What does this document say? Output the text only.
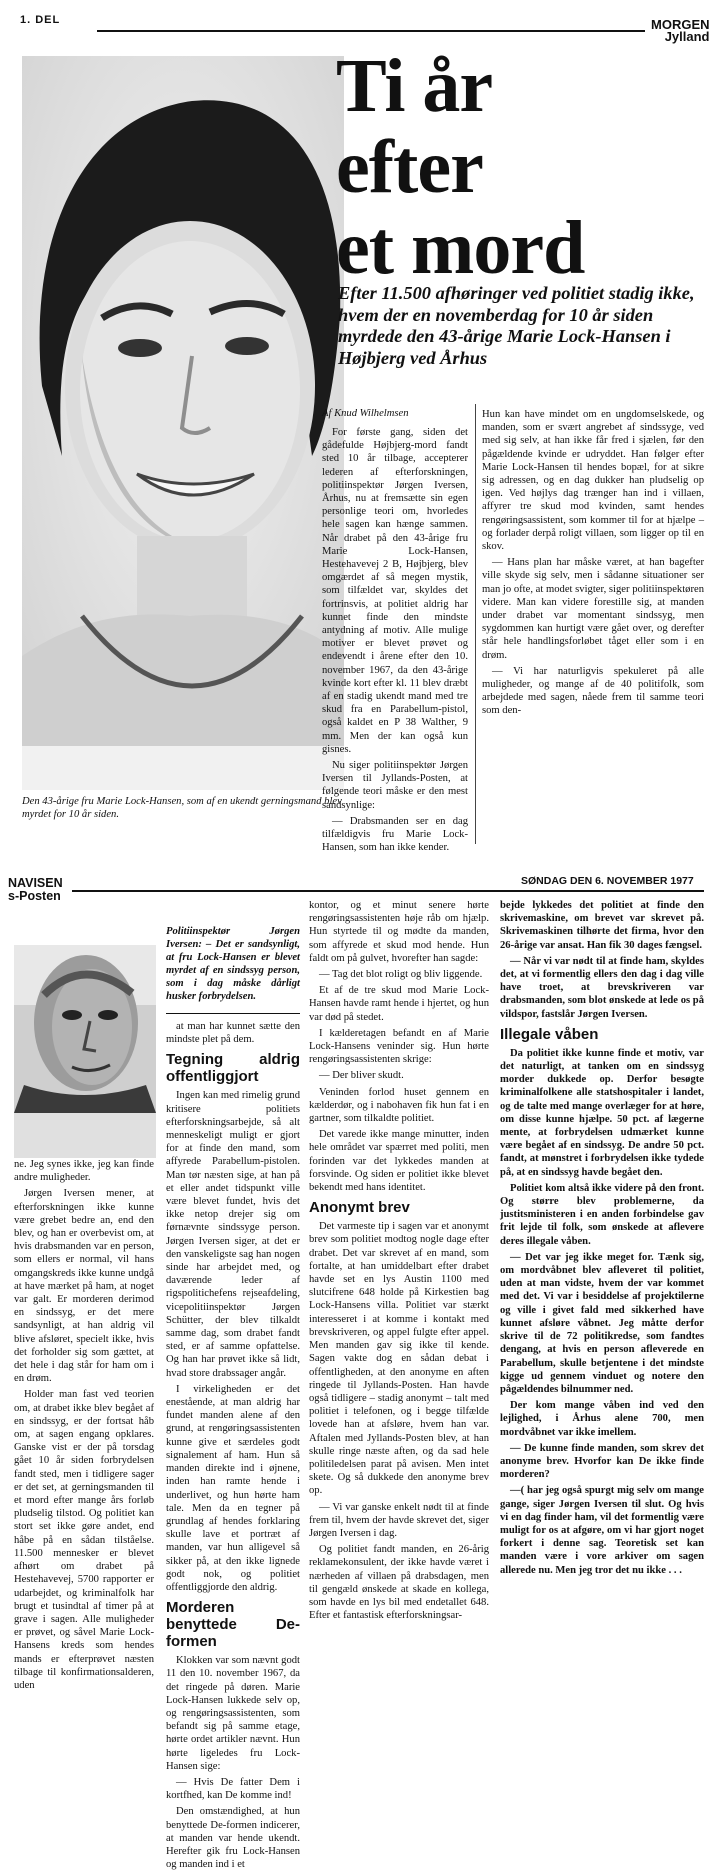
1. DEL	MORGEN
Jylland
Den 43-årige fru Marie Lock-Hansen, som af en ukendt gerningsmand blev myrdet for 10 år siden.
Ti år
efter
et mord
Efter 11.500 afhøringer ved politiet stadig ikke, hvem der en novemberdag for 10 år siden myrdede den 43-årige Marie Lock-Hansen i Højbjerg ved Århus
Af Knud Wilhelmsen

For første gang, siden det gådefulde Højbjerg-mord fandt sted 10 år tilbage, accepterer lederen af efterforskningen, politiinspektør Jørgen Iversen, Århus, nu at fremsætte sin egen personlige teori om, hvorledes hele sagen kan hænge sammen. Når drabet på den 43-årige fru Marie Lock-Hansen, Hestehavevej 2 B, Højbjerg, blev omgærdet af så megen mystik, som tilfældet var, skyldes det fortrinsvis, at politiet aldrig har kunnet finde den mindste antydning af motiv. Alle mulige motiver er blevet prøvet og endevendt i årene efter den 10. november 1967, da den 43-årige kvinde kort efter kl. 11 blev dræbt af en stadig ukendt mand med tre skud fra en Parabellum-pistol, også kaldet en P 38 Walther, 9 mm. Men der kan også kun gisnes.

Nu siger politiinspektør Jørgen Iversen til Jyllands-Posten, at følgende teori måske er den mest sandsynlige:

— Drabsmanden ser en dag tilfældigvis fru Marie Lock-Hansen, som han ikke kender.

Hun kan have mindet om en ungdomselskede, og manden, som er svært angrebet af sindssyge, ved med sig selv, at han ikke får fred i sjælen, før den pågældende kvinde er udryddet. Han følger efter Marie Lock-Hansen til hendes bopæl, for at sikre sig adressen, og en dag dukker han pludselig op igen. Ved højlys dag trænger han ind i villaen, affyrer tre skud mod kvinden, samt hendes rengøringsassistent, som kommer til for at hjælpe – og forlader derpå roligt villaen, som ligger op til en skov.

— Hans plan har måske været, at han bagefter ville skyde sig selv, men i sådanne situationer ser man jo ofte, at modet svigter, siger politiinspektøren videre. Man kan videre forestille sig, at manden under drabet var momentant sindssyg, men sygdommen kan hurtigt være gået over, og derefter står hele handlingsforløbet tåget eller som i en drøm.

— Vi har naturligvis spekuleret på alle muligheder, og mange af de 40 politifolk, som arbejdede med sagen, nåede frem til samme teori som den-

NAVISEN
s-Posten
SØNDAG DEN 6. NOVEMBER 1977

ne. Jeg synes ikke, jeg kan finde andre muligheder.

Jørgen Iversen mener, at efterforskningen ikke kunne være grebet bedre an, end den blev, og han er overbevist om, at hvis drabsmanden var en person, som ellers er normal, vil hans omgangskreds ikke kunne undgå at have mærket på ham, at noget var galt. Er morderen derimod en sindssyg, er det mere sandsynligt, at han aldrig vil blive afsløret, specielt ikke, hvis det forholder sig som gættet, at det hele i dag står for ham om i en drøm.

Holder man fast ved teorien om, at drabet ikke blev begået af en sindssyg, er der fortsat håb om, at sagen engang opklares. Ganske vist er der på torsdag gået 10 år siden forbrydelsen fandt sted, men i tidligere sager er det set, at gerningsmanden til et mord efter mange års forløb pludselig tilstod. Og politiet kan stort set ikke gøre andet, end håbe på en sådan tilståelse. 11.500 mennesker er blevet afhørt om drabet på Hestehavevej, 5700 rapporter er udarbejdet, og kriminalfolk har brugt et tusindtal af timer på at grave i sagen. Alle muligheder er prøvet, og såvel Marie Lock-Hansens kreds som hendes mands er efterprøvet næsten tilbage til konfirmationsalderen, uden

Politiinspektør Jørgen Iversen: – Det er sandsynligt, at fru Lock-Hansen er blevet myrdet af en sindssyg person, som i dag måske dårligt husker forbrydelsen.

at man har kunnet sætte den mindste plet på dem.

Tegning aldrig offentliggjort

Ingen kan med rimelig grund kritisere politiets efterforskningsarbejde, så alt menneskeligt muligt er gjort for at finde den mand, som affyrede Parabellum-pistolen. Man tør næsten sige, at han på et eller andet tidspunkt ville være blevet fundet, hvis det ikke netop drejer sig om førnævnte sindssyge person. Jørgen Iversen siger, at det er den vanskeligste sag han nogen sinde har arbejdet med, og daværende leder af rigspolitichefens rejseafdeling, vicepolitiinspektør Jørgen Schütter, der blev tilkaldt samme dag, som drabet fandt sted, er af samme opfattelse. Og han har prøvet ikke så lidt, hvad store drabssager angår.

I virkeligheden er det enestående, at man aldrig har fundet manden alene af den grund, at rengøringsassistenten kunne give et særdeles godt signalement af ham. Hun så manden direkte ind i øjnene, inden han ramte hende i underlivet, og hun hørte ham tale. Men da en tegner på grundlag af hendes forklaring skulle lave et portræt af manden, var hun alligevel så sikker på, at den ikke lignede godt nok, og politiet offentliggjorde den aldrig.

Morderen benyttede De-formen

Klokken var som nævnt godt 11 den 10. november 1967, da det ringede på døren. Marie Lock-Hansen lukkede selv op, og rengøringsassistenten, som befandt sig på samme etage, hørte ordet artikler nævnt. Hun hørte ligeledes fru Lock-Hansen sige:

— Hvis De fatter Dem i kortfhed, kan De komme ind!

Den omstændighed, at hun benyttede De-formen indicerer, at manden var hende ukendt. Herefter gik fru Lock-Hansen og manden ind i et

kontor, og et minut senere hørte rengøringsassistenten høje råb om hjælp. Hun styrtede til og mødte da manden, som affyrede et skud mod hende. Hun faldt om på gulvet, hvorefter han sagde:

— Tag det blot roligt og bliv liggende.

Et af de tre skud mod Marie Lock-Hansen havde ramt hende i hjertet, og hun var død på stedet.

I kælderetagen befandt en af Marie Lock-Hansens veninder sig. Hun hørte rengøringsassistenten skrige:

— Der bliver skudt.

Veninden forlod huset gennem en kælderdør, og i nabohaven fik hun fat i en gartner, som tilkaldte politiet.

Det varede ikke mange minutter, inden hele området var spærret med politi, men forinden var det lykkedes manden at forsvinde. Og siden er politiet ikke blevet bekendt med hans identitet.

Anonymt brev

Det varmeste tip i sagen var et anonymt brev som politiet modtog nogle dage efter drabet. Det var skrevet af en mand, som fortalte, at han umiddelbart efter drabet havde set en lys Austin 1100 med slutcifrene 648 holde på Kirkestien bag Lock-Hansens villa. Politiet var stærkt interesseret i at komme i kontakt med brevskriveren, og appel fulgte efter appel. Men manden gav sig ikke til kende. Sagen vakte dog en sådan debat i offentligheden, at den anonyme en aften ringede til Jyllands-Posten. Han havde også tidligere – stadig anonymt – talt med politiet i telefonen, og i begge tilfælde lovede han at afsløre, hvem han var. Aftalen med Jyllands-Posten blev, at han skulle ringe næste aften, og da sad hele politiledelsen parat på avisen. Men intet skete. Og så dukkede den anonyme brev op.

— Vi var ganske enkelt nødt til at finde frem til, hvem der havde skrevet det, siger Jørgen Iversen i dag.

Og politiet fandt manden, en 26-årig reklamekonsulent, der ikke havde været i nærheden af villaen på drabsdagen, men til gengæld ønskede at skade en kollega, som havde en lys bil med endetallet 648. Efter et fantastisk efterforskningsar-

bejde lykkedes det politiet at finde den skrivemaskine, om brevet var skrevet på. Skrivemaskinen tilhørte det firma, hvor den 26-årige var ansat. Han fik 30 dages fængsel.

— Når vi var nødt til at finde ham, skyldes det, at vi formentlig ellers den dag i dag ville have troet, at brevskriveren var drabsmanden, som blot ønskede at lede os på vildspor, fastslår Jørgen Iversen.

Illegale våben

Da politiet ikke kunne finde et motiv, var det naturligt, at tanken om en sindssyg morder dukkede op. Derfor besøgte kriminalfolkene alle statshospitaler i landet, og de talte med mange overlæger for at høre, om disse kunne hjælpe. 50 pct. af lægerne mente, at forbrydelsen udmærket kunne være begået af en sindssyg. De andre 50 pct. fandt, at mønstret i forbrydelsen ikke tydede på, at en sindssyg havde begået den.

Politiet kom altså ikke videre på den front. Og større blev problemerne, da justitsministeren i en anden forbindelse gav frit lejde til folk, som ønskede at aflevere deres illegale våben.

— Det var jeg ikke meget for. Tænk sig, om mordvåbnet blev afleveret til politiet, uden at man vidste, hvem der var kommet med det. Vi var i besiddelse af projektilerne og ville i givet fald med sikkerhed have kunnet afsløre våbnet. Jeg måtte derfor skrive til de 72 politikredse, som fandtes dengang, at hvis en person afleverede en Parabellum, skulle betjentene i det mindste kigge ud gennem vinduet og notere den pågældendes bilnummer ned.

Der kom mange våben ind ved den lejlighed, i Århus alene 700, men mordvåbnet var ikke imellem.

— De kunne finde manden, som skrev det anonyme brev. Hvorfor kan De ikke finde morderen?

—( har jeg også spurgt mig selv om mange gange, siger Jørgen Iversen til slut. Og hvis vi en dag finder ham, vil det formentlig være muligt for os at afgøre, om vi har gjort noget forkert i denne sag. Teoretisk set kan manden være i vore arkiver om sagen allerede nu. Men jeg tror det nu ikke . . .
